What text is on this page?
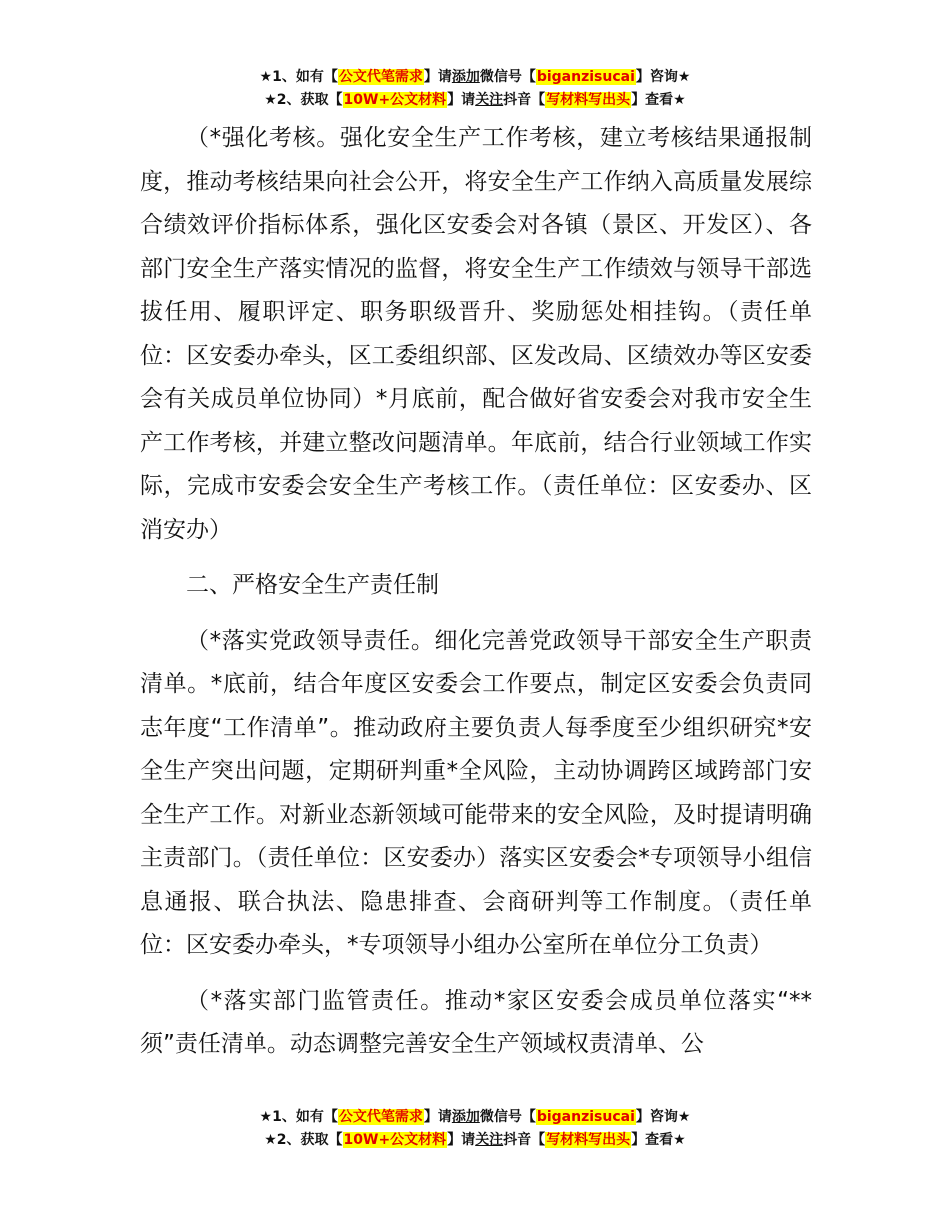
★1、如有【公文代笔需求】请添加微信号【biganzisucai】咨询★
★2、获取【10W+公文材料】请关注抖音【写材料写出头】查看★

（*强化考核。强化安全生产工作考核，建立考核结果通报制度，推动考核结果向社会公开，将安全生产工作纳入高质量发展综合绩效评价指标体系，强化区安委会对各镇（景区、开发区）、各部门安全生产落实情况的监督，将安全生产工作绩效与领导干部选拔任用、履职评定、职务职级晋升、奖励惩处相挂钩。（责任单位：区安委办牵头，区工委组织部、区发改局、区绩效办等区安委会有关成员单位协同）*月底前，配合做好省安委会对我市安全生产工作考核，并建立整改问题清单。年底前，结合行业领域工作实际，完成市安委会安全生产考核工作。（责任单位：区安委办、区消安办）

二、严格安全生产责任制

（*落实党政领导责任。细化完善党政领导干部安全生产职责清单。*底前，结合年度区安委会工作要点，制定区安委会负责同志年度“工作清单”。推动政府主要负责人每季度至少组织研究*安全生产突出问题，定期研判重*全风险，主动协调跨区域跨部门安全生产工作。对新业态新领域可能带来的安全风险，及时提请明确主责部门。（责任单位：区安委办）落实区安委会*专项领导小组信息通报、联合执法、隐患排查、会商研判等工作制度。（责任单位：区安委办牵头，*专项领导小组办公室所在单位分工负责）

（*落实部门监管责任。推动*家区安委会成员单位落实“**须”责任清单。动态调整完善安全生产领域权责清单、公

★1、如有【公文代笔需求】请添加微信号【biganzisucai】咨询★
★2、获取【10W+公文材料】请关注抖音【写材料写出头】查看★
